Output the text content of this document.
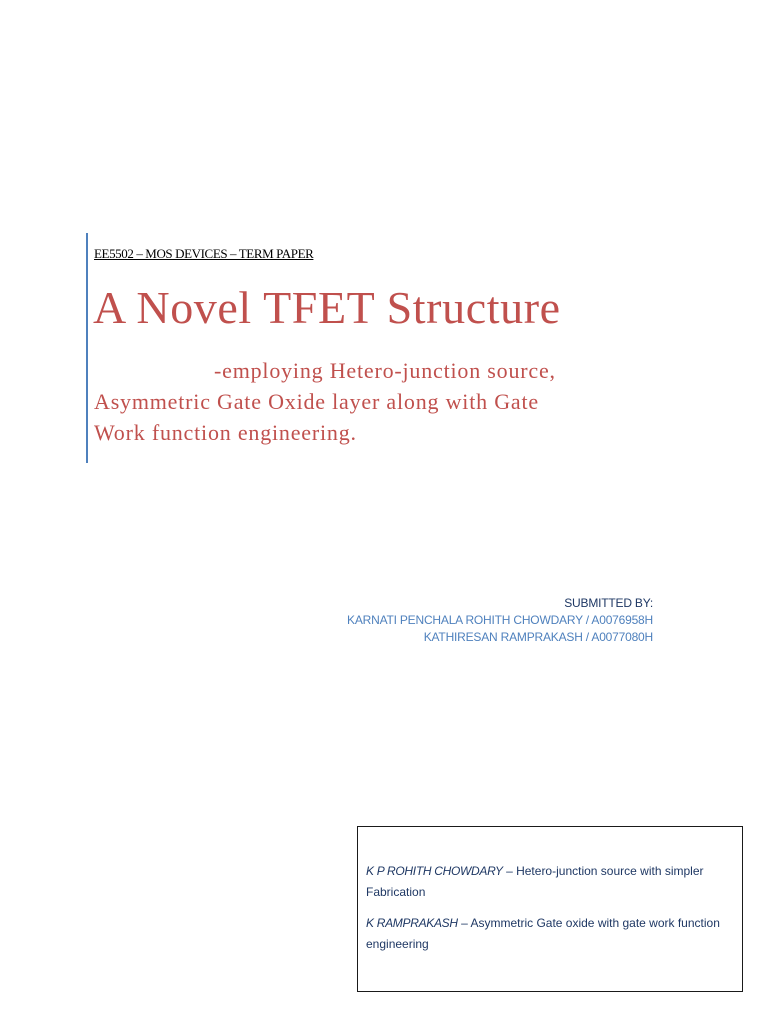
EE5502 – MOS DEVICES – TERM PAPER
A Novel TFET Structure
-employing Hetero-junction source,
Asymmetric Gate Oxide layer along with Gate
Work function engineering.
SUBMITTED BY:
KARNATI PENCHALA ROHITH CHOWDARY / A0076958H
KATHIRESAN RAMPRAKASH / A0077080H

K P ROHITH CHOWDARY – Hetero-junction source with simpler Fabrication

K RAMPRAKASH – Asymmetric Gate oxide with gate work function engineering
